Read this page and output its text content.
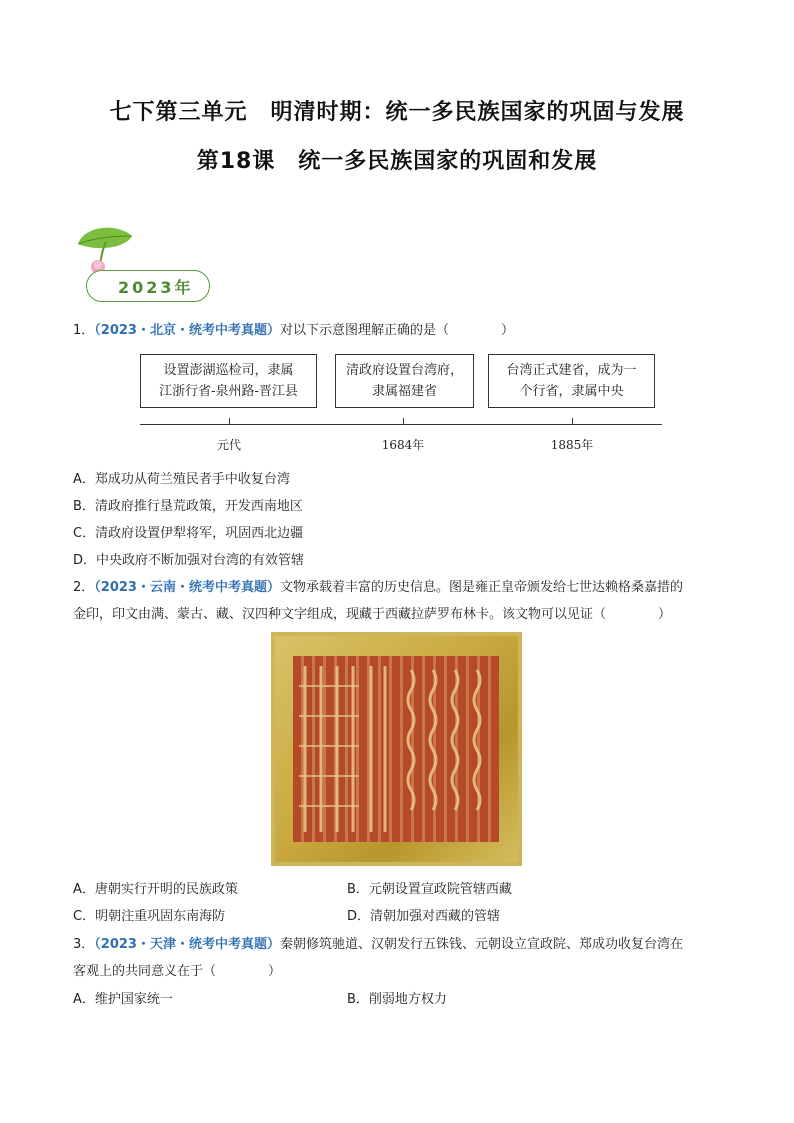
七下第三单元　明清时期：统一多民族国家的巩固与发展
第18课　统一多民族国家的巩固和发展
2023年
1．（2023・北京・统考中考真题）对以下示意图理解正确的是（　　　　）
设置澎湖巡检司，隶属
江浙行省-泉州路-晋江县
清政府设置台湾府，
隶属福建省
台湾正式建省，成为一
个行省，隶属中央
元代	1684年	1885年
A．郑成功从荷兰殖民者手中收复台湾
B．清政府推行垦荒政策，开发西南地区
C．清政府设置伊犁将军，巩固西北边疆
D．中央政府不断加强对台湾的有效管辖
2．（2023・云南・统考中考真题）文物承载着丰富的历史信息。图是雍正皇帝颁发给七世达赖格桑嘉措的
金印，印文由满、蒙古、藏、汉四种文字组成，现藏于西藏拉萨罗布林卡。该文物可以见证（　　　　）
A．唐朝实行开明的民族政策	B．元朝设置宣政院管辖西藏
C．明朝注重巩固东南海防	D．清朝加强对西藏的管辖
3．（2023・天津・统考中考真题）秦朝修筑驰道、汉朝发行五铢钱、元朝设立宣政院、郑成功收复台湾在
客观上的共同意义在于（　　　　）
A．维护国家统一	B．削弱地方权力
